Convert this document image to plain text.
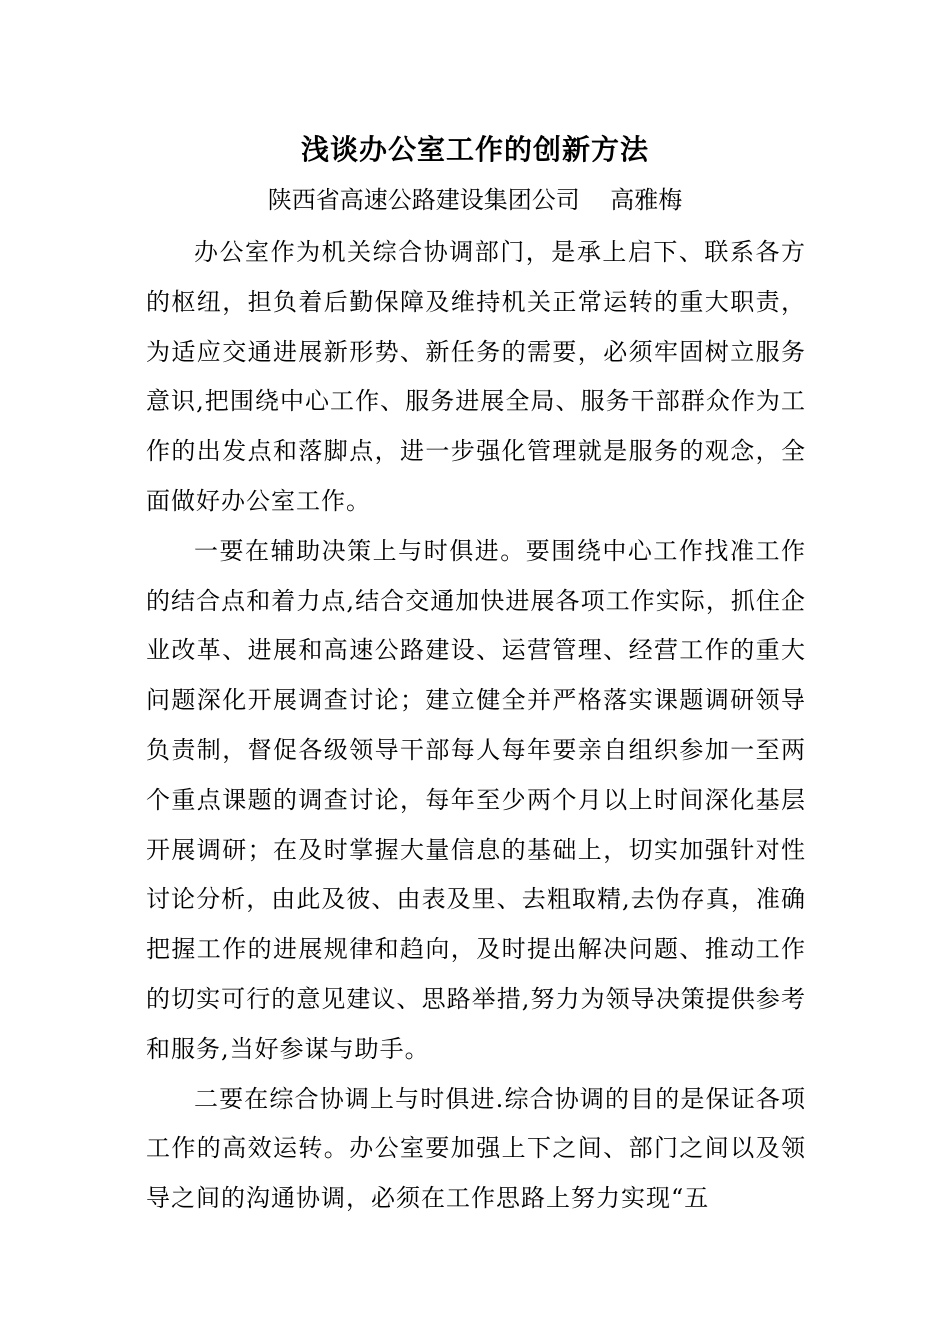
浅谈办公室工作的创新方法
陕西省高速公路建设集团公司    高雅梅

办公室作为机关综合协调部门，是承上启下、联系各方的枢纽，担负着后勤保障及维持机关正常运转的重大职责，为适应交通进展新形势、新任务的需要，必须牢固树立服务意识,把围绕中心工作、服务进展全局、服务干部群众作为工作的出发点和落脚点，进一步强化管理就是服务的观念，全面做好办公室工作。

一要在辅助决策上与时俱进。要围绕中心工作找准工作的结合点和着力点,结合交通加快进展各项工作实际，抓住企业改革、进展和高速公路建设、运营管理、经营工作的重大问题深化开展调查讨论；建立健全并严格落实课题调研领导负责制，督促各级领导干部每人每年要亲自组织参加一至两个重点课题的调查讨论，每年至少两个月以上时间深化基层开展调研；在及时掌握大量信息的基础上，切实加强针对性讨论分析，由此及彼、由表及里、去粗取精,去伪存真，准确把握工作的进展规律和趋向，及时提出解决问题、推动工作的切实可行的意见建议、思路举措,努力为领导决策提供参考和服务,当好参谋与助手。

二要在综合协调上与时俱进.综合协调的目的是保证各项工作的高效运转。办公室要加强上下之间、部门之间以及领导之间的沟通协调，必须在工作思路上努力实现“五
